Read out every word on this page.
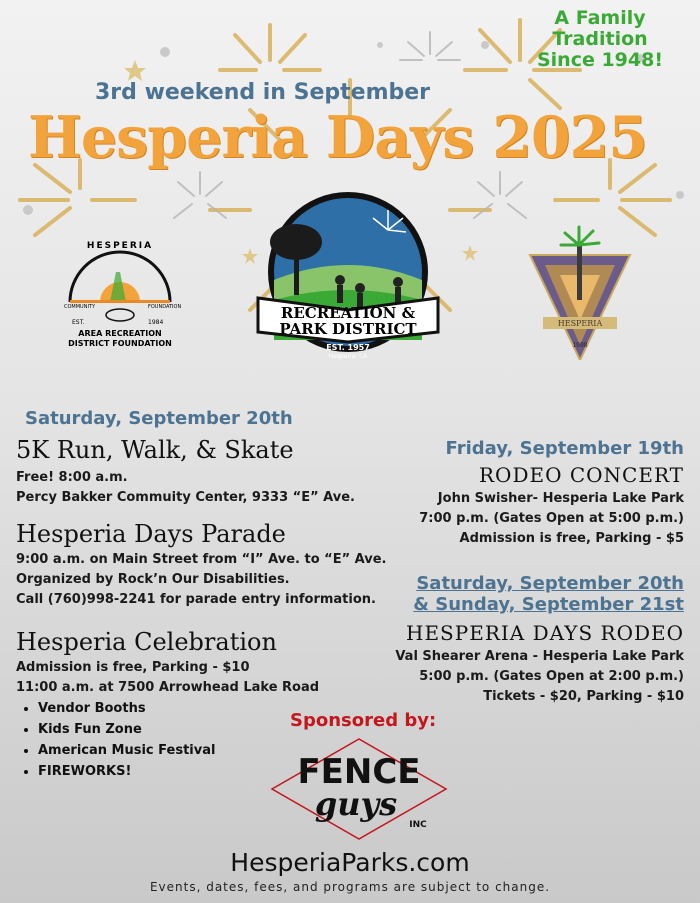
A Family
Tradition
Since 1948!
3rd weekend in September
Hesperia Days 2025
HESPERIA
COMMUNITY	FOUNDATION
EST.	1984
AREA RECREATION
DISTRICT FOUNDATION
RECREATION &
PARK DISTRICT
EST. 1957
Hesperia, CA
HESPERIA
1988
Saturday, September 20th
5K Run, Walk, & Skate
Free! 8:00 a.m.
Percy Bakker Commuity Center, 9333 “E” Ave.
Hesperia Days Parade
9:00 a.m. on Main Street from “I” Ave. to “E” Ave.
Organized by Rock’n Our Disabilities.
Call (760)998-2241 for parade entry information.
Hesperia Celebration
Admission is free, Parking - $10
11:00 a.m. at 7500 Arrowhead Lake Road
• Vendor Booths
• Kids Fun Zone
• American Music Festival
• FIREWORKS!
Friday, September 19th
RODEO CONCERT
John Swisher- Hesperia Lake Park
7:00 p.m. (Gates Open at 5:00 p.m.)
Admission is free, Parking - $5
Saturday, September 20th
& Sunday, September 21st
HESPERIA DAYS RODEO
Val Shearer Arena - Hesperia Lake Park
5:00 p.m. (Gates Open at 2:00 p.m.)
Tickets - $20, Parking - $10
Sponsored by:
FENCE
guys
INC
HesperiaParks.com
Events, dates, fees, and programs are subject to change.
